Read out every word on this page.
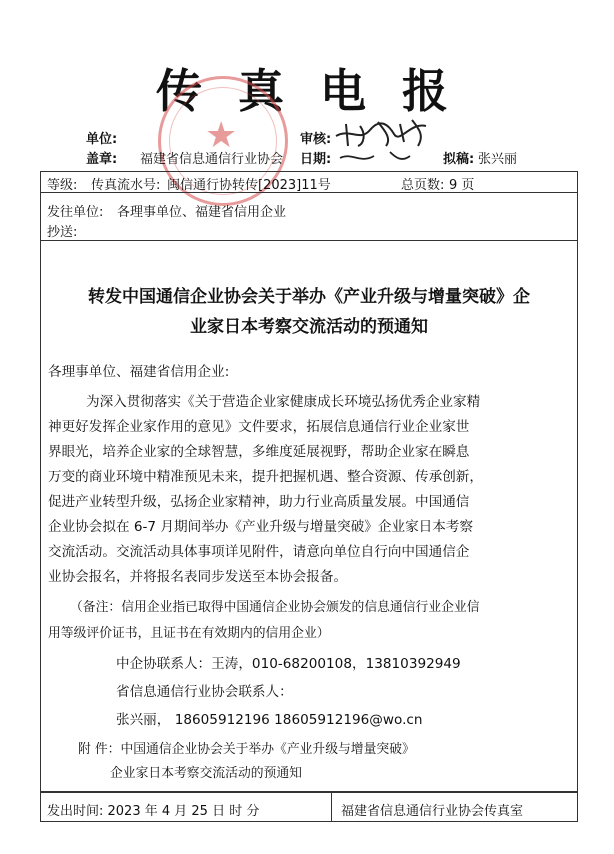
传 真 电 报
★
单位:
盖章: 福建省信息通信行业协会
审核:
日期:	拟稿: 张兴丽
等级: 传真流水号: 闽信通行协转传[2023]11号	总页数: 9 页
发往单位: 各理事单位、福建省信用企业
抄送:
转发中国通信企业协会关于举办《产业升级与增量突破》企
业家日本考察交流活动的预通知
各理事单位、福建省信用企业:
为深入贯彻落实《关于营造企业家健康成长环境弘扬优秀企业家精
神更好发挥企业家作用的意见》文件要求，拓展信息通信行业企业家世
界眼光，培养企业家的全球智慧，多维度延展视野，帮助企业家在瞬息
万变的商业环境中精准预见未来，提升把握机遇、整合资源、传承创新，
促进产业转型升级，弘扬企业家精神，助力行业高质量发展。中国通信
企业协会拟在 6-7 月期间举办《产业升级与增量突破》企业家日本考察
交流活动。交流活动具体事项详见附件，请意向单位自行向中国通信企
业协会报名，并将报名表同步发送至本协会报备。
（备注：信用企业指已取得中国通信企业协会颁发的信息通信行业企业信
用等级评价证书，且证书在有效期内的信用企业）
中企协联系人：王涛，010-68200108，13810392949
省信息通信行业协会联系人：
张兴丽， 18605912196 18605912196@wo.cn
附 件：中国通信企业协会关于举办《产业升级与增量突破》
企业家日本考察交流活动的预通知
发出时间: 2023 年 4 月 25 日 时 分	福建省信息通信行业协会传真室
